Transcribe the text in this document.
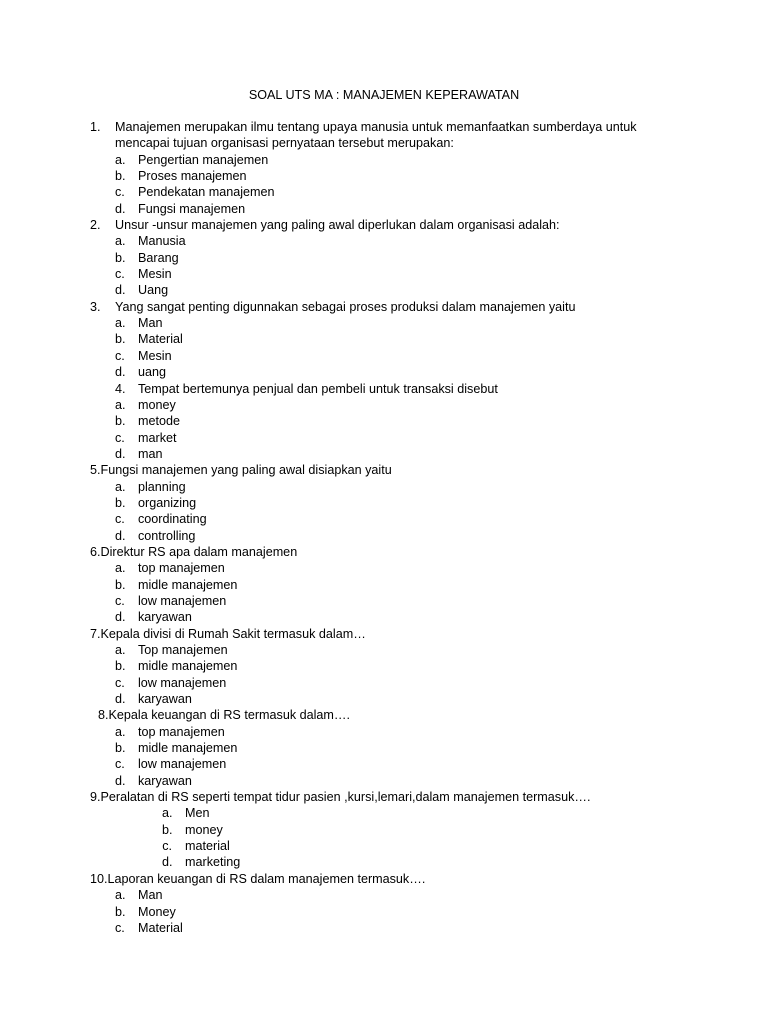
SOAL UTS MA : MANAJEMEN KEPERAWATAN
1. Manajemen merupakan ilmu tentang upaya manusia untuk memanfaatkan sumberdaya untuk mencapai tujuan organisasi pernyataan tersebut merupakan:
a. Pengertian manajemen
b. Proses manajemen
c. Pendekatan manajemen
d. Fungsi manajemen
2. Unsur -unsur manajemen yang paling awal diperlukan dalam organisasi adalah:
a. Manusia
b. Barang
c. Mesin
d. Uang
3. Yang sangat penting digunnakan sebagai proses produksi dalam manajemen yaitu
a. Man
b. Material
c. Mesin
d. uang
4. Tempat bertemunya penjual dan pembeli untuk transaksi disebut
a. money
b. metode
c. market
d. man
5.Fungsi manajemen yang paling awal disiapkan yaitu
a. planning
b. organizing
c. coordinating
d. controlling
6.Direktur RS apa dalam manajemen
a. top manajemen
b. midle manajemen
c. low manajemen
d. karyawan
7.Kepala divisi di Rumah Sakit termasuk dalam…
a. Top manajemen
b. midle manajemen
c. low manajemen
d. karyawan
8.Kepala keuangan di RS termasuk dalam….
a. top manajemen
b. midle manajemen
c. low manajemen
d. karyawan
9.Peralatan di RS seperti tempat tidur pasien ,kursi,lemari,dalam manajemen termasuk….
a. Men
b. money
c. material
d. marketing
10.Laporan keuangan di RS dalam manajemen termasuk….
a. Man
b. Money
c. Material
